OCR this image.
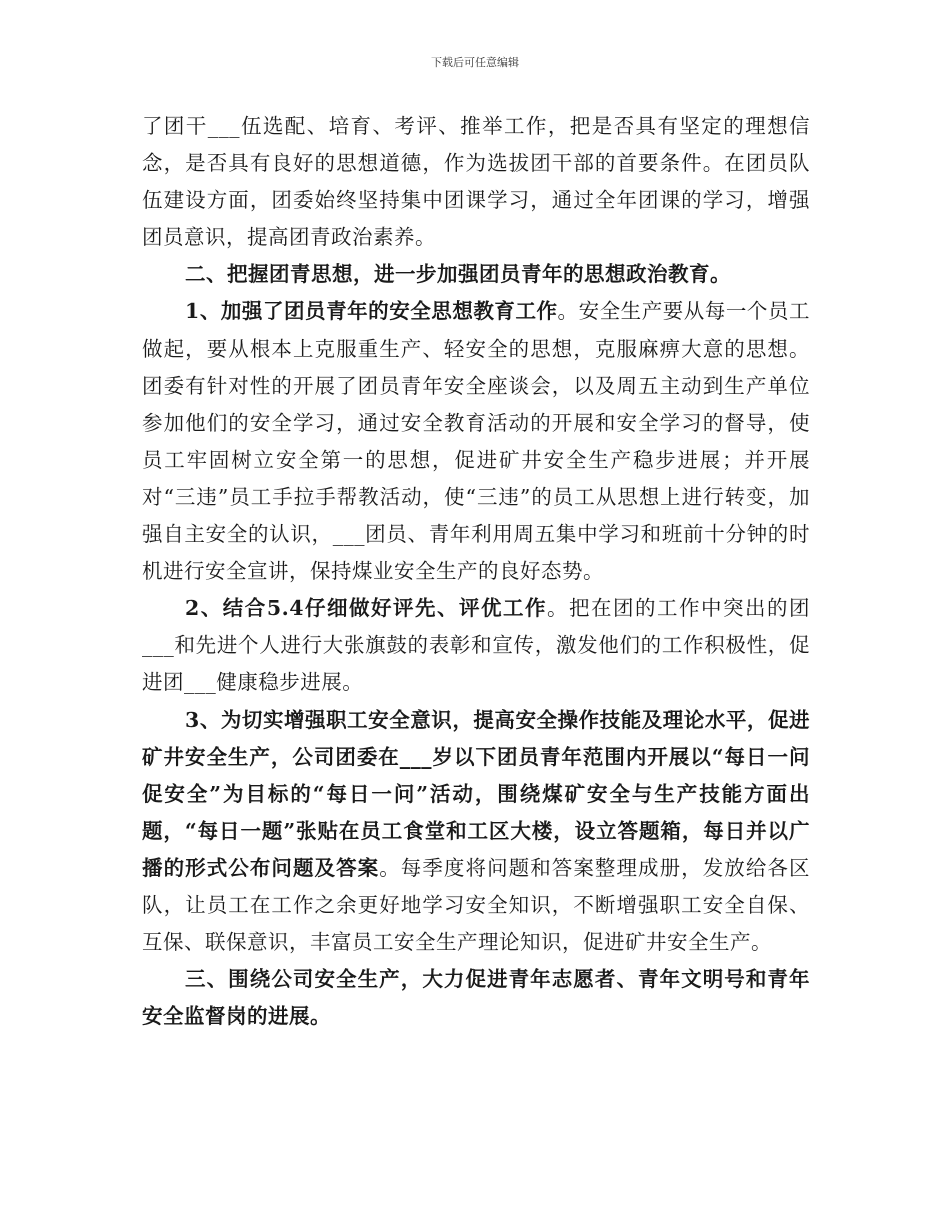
下载后可任意编辑

了团干___伍选配、培育、考评、推举工作，把是否具有坚定的理想信念，是否具有良好的思想道德，作为选拔团干部的首要条件。在团员队伍建设方面，团委始终坚持集中团课学习，通过全年团课的学习，增强团员意识，提高团青政治素养。

二、把握团青思想，进一步加强团员青年的思想政治教育。

1、加强了团员青年的安全思想教育工作。安全生产要从每一个员工做起，要从根本上克服重生产、轻安全的思想，克服麻痹大意的思想。团委有针对性的开展了团员青年安全座谈会，以及周五主动到生产单位参加他们的安全学习，通过安全教育活动的开展和安全学习的督导，使员工牢固树立安全第一的思想，促进矿井安全生产稳步进展；并开展对“三违”员工手拉手帮教活动，使“三违”的员工从思想上进行转变，加强自主安全的认识，___团员、青年利用周五集中学习和班前十分钟的时机进行安全宣讲，保持煤业安全生产的良好态势。

2、结合5.4仔细做好评先、评优工作。把在团的工作中突出的团___和先进个人进行大张旗鼓的表彰和宣传，激发他们的工作积极性，促进团___健康稳步进展。

3、为切实增强职工安全意识，提高安全操作技能及理论水平，促进矿井安全生产，公司团委在___岁以下团员青年范围内开展以“每日一问促安全”为目标的“每日一问”活动，围绕煤矿安全与生产技能方面出题，“每日一题”张贴在员工食堂和工区大楼，设立答题箱，每日并以广播的形式公布问题及答案。每季度将问题和答案整理成册，发放给各区队，让员工在工作之余更好地学习安全知识，不断增强职工安全自保、互保、联保意识，丰富员工安全生产理论知识，促进矿井安全生产。

三、围绕公司安全生产，大力促进青年志愿者、青年文明号和青年安全监督岗的进展。
